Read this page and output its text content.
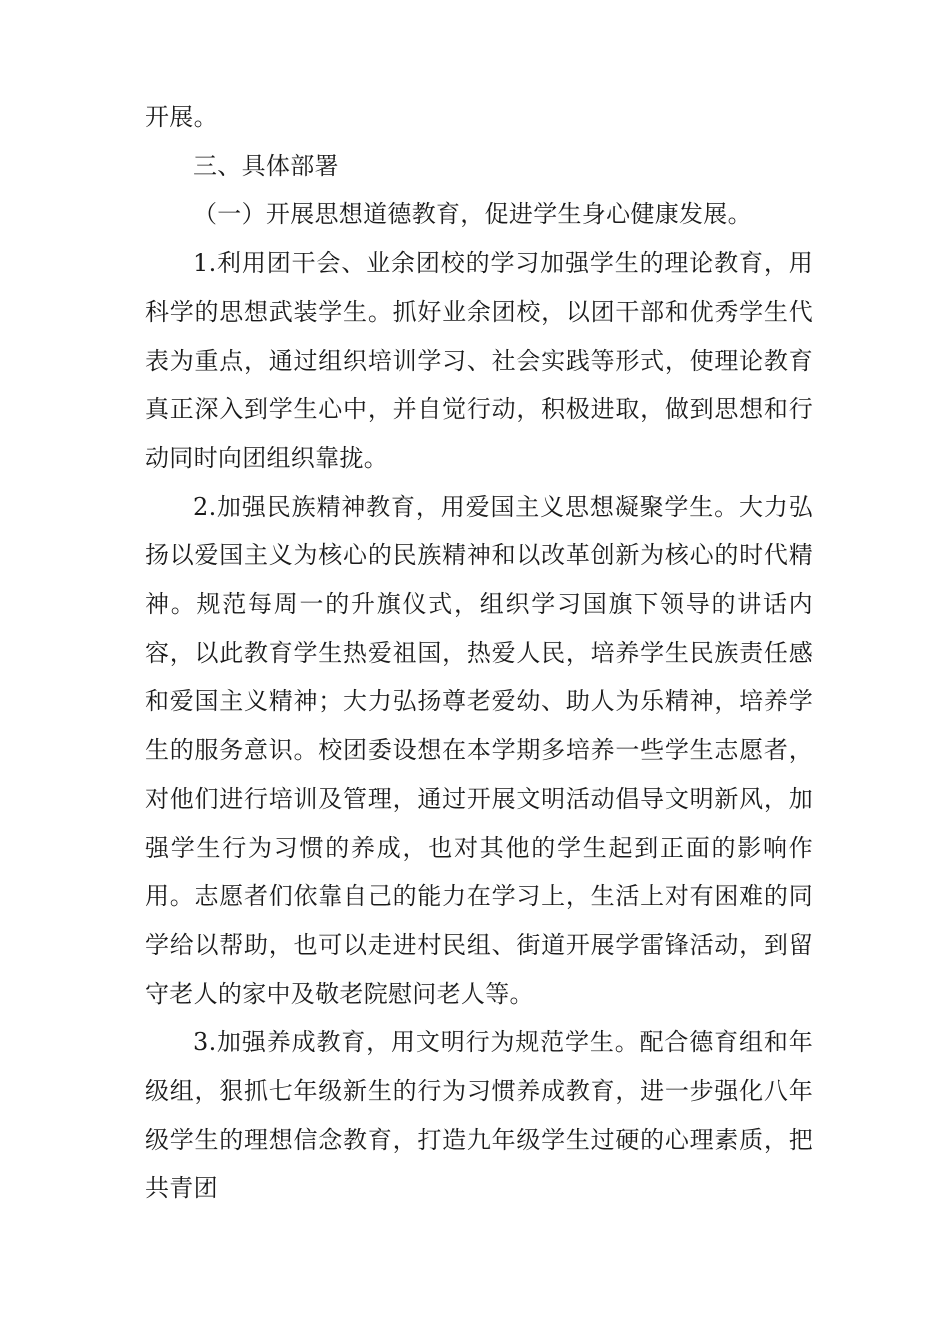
开展。

三、具体部署

（一）开展思想道德教育，促进学生身心健康发展。

1.利用团干会、业余团校的学习加强学生的理论教育，用科学的思想武装学生。抓好业余团校，以团干部和优秀学生代表为重点，通过组织培训学习、社会实践等形式，使理论教育真正深入到学生心中，并自觉行动，积极进取，做到思想和行动同时向团组织靠拢。

2.加强民族精神教育，用爱国主义思想凝聚学生。大力弘扬以爱国主义为核心的民族精神和以改革创新为核心的时代精神。规范每周一的升旗仪式，组织学习国旗下领导的讲话内容，以此教育学生热爱祖国，热爱人民，培养学生民族责任感和爱国主义精神；大力弘扬尊老爱幼、助人为乐精神，培养学生的服务意识。校团委设想在本学期多培养一些学生志愿者，对他们进行培训及管理，通过开展文明活动倡导文明新风，加强学生行为习惯的养成，也对其他的学生起到正面的影响作用。志愿者们依靠自己的能力在学习上，生活上对有困难的同学给以帮助，也可以走进村民组、街道开展学雷锋活动，到留守老人的家中及敬老院慰问老人等。

3.加强养成教育，用文明行为规范学生。配合德育组和年级组，狠抓七年级新生的行为习惯养成教育，进一步强化八年级学生的理想信念教育，打造九年级学生过硬的心理素质，把共青团
